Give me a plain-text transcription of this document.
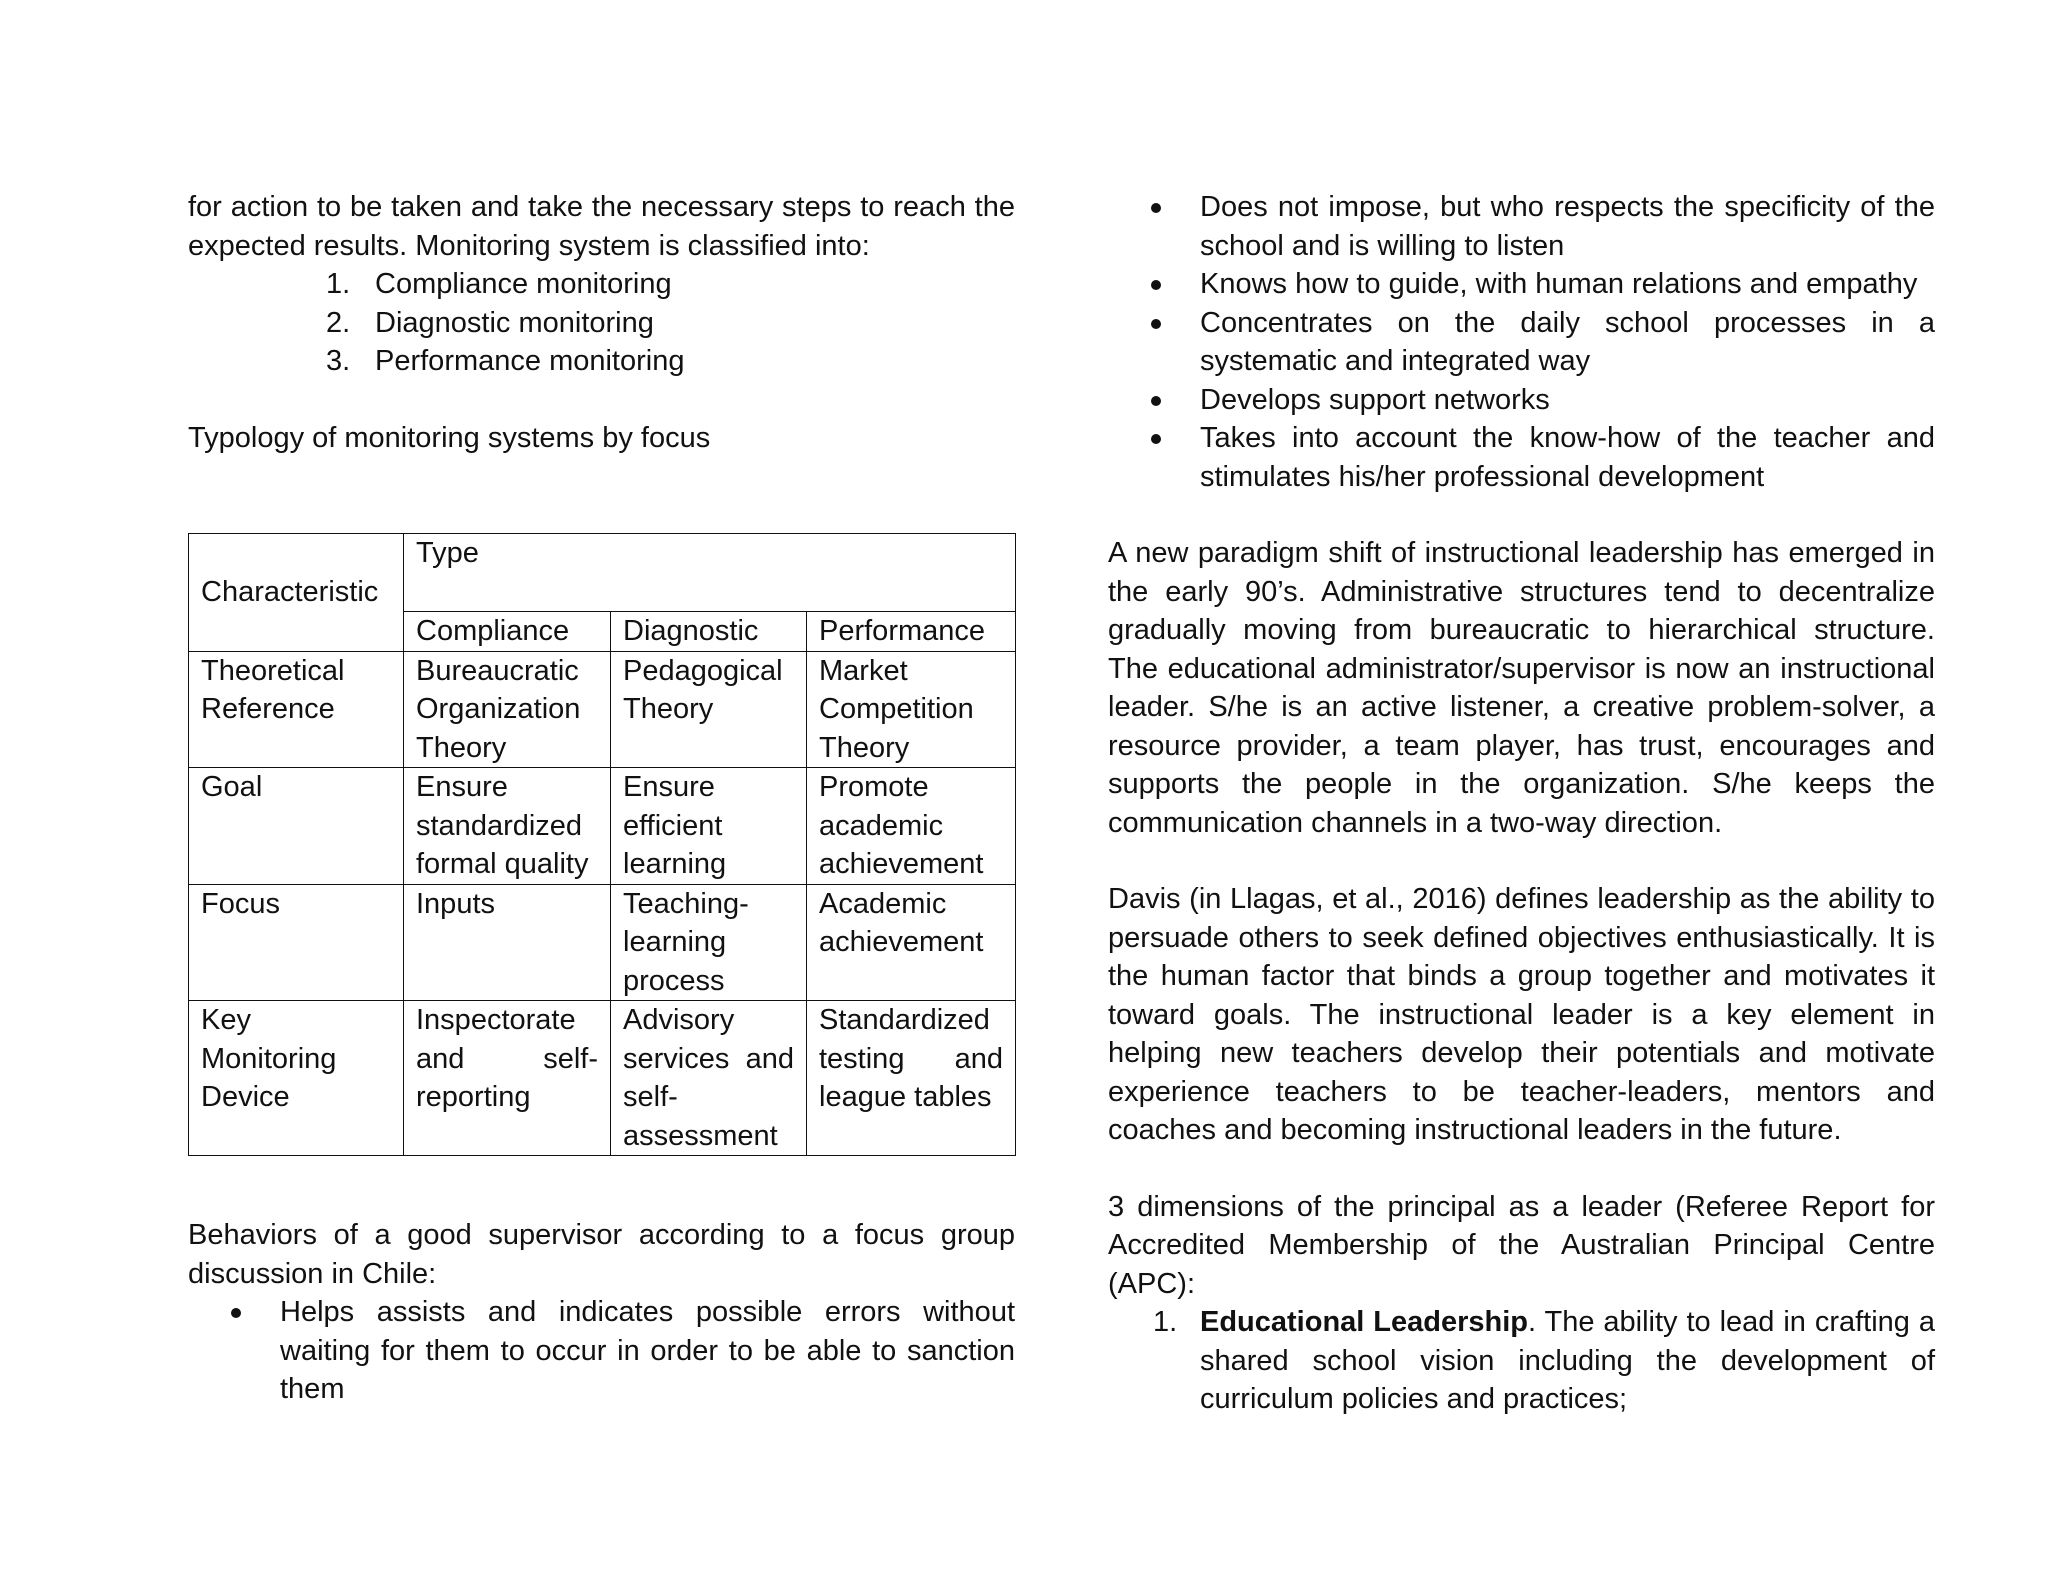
for action to be taken and take the necessary steps to reach the expected results. Monitoring system is classified into:

1. Compliance monitoring
2. Diagnostic monitoring
3. Performance monitoring

Typology of monitoring systems by focus

Characteristic	Type		
	Compliance	Diagnostic	Performance
Theoretical Reference	Bureaucratic Organization Theory	Pedagogical Theory	Market Competition Theory
Goal	Ensure standardized formal quality	Ensure efficient learning	Promote academic achievement
Focus	Inputs	Teaching-learning process	Academic achievement
Key Monitoring Device	Inspectorate and self-reporting	Advisory services and self-assessment	Standardized testing and league tables

Behaviors of a good supervisor according to a focus group discussion in Chile:

Helps assists and indicates possible errors without waiting for them to occur in order to be able to sanction them
Does not impose, but who respects the specificity of the school and is willing to listen
Knows how to guide, with human relations and empathy
Concentrates on the daily school processes in a systematic and integrated way
Develops support networks
Takes into account the know-how of the teacher and stimulates his/her professional development

A new paradigm shift of instructional leadership has emerged in the early 90’s. Administrative structures tend to decentralize gradually moving from bureaucratic to hierarchical structure. The educational administrator/supervisor is now an instructional leader. S/he is an active listener, a creative problem-solver, a resource provider, a team player, has trust, encourages and supports the people in the organization. S/he keeps the communication channels in a two-way direction.

Davis (in Llagas, et al., 2016) defines leadership as the ability to persuade others to seek defined objectives enthusiastically. It is the human factor that binds a group together and motivates it toward goals. The instructional leader is a key element in helping new teachers develop their potentials and motivate experience teachers to be teacher-leaders, mentors and coaches and becoming instructional leaders in the future.

3 dimensions of the principal as a leader (Referee Report for Accredited Membership of the Australian Principal Centre (APC):

1. Educational Leadership. The ability to lead in crafting a shared school vision including the development of curriculum policies and practices;
